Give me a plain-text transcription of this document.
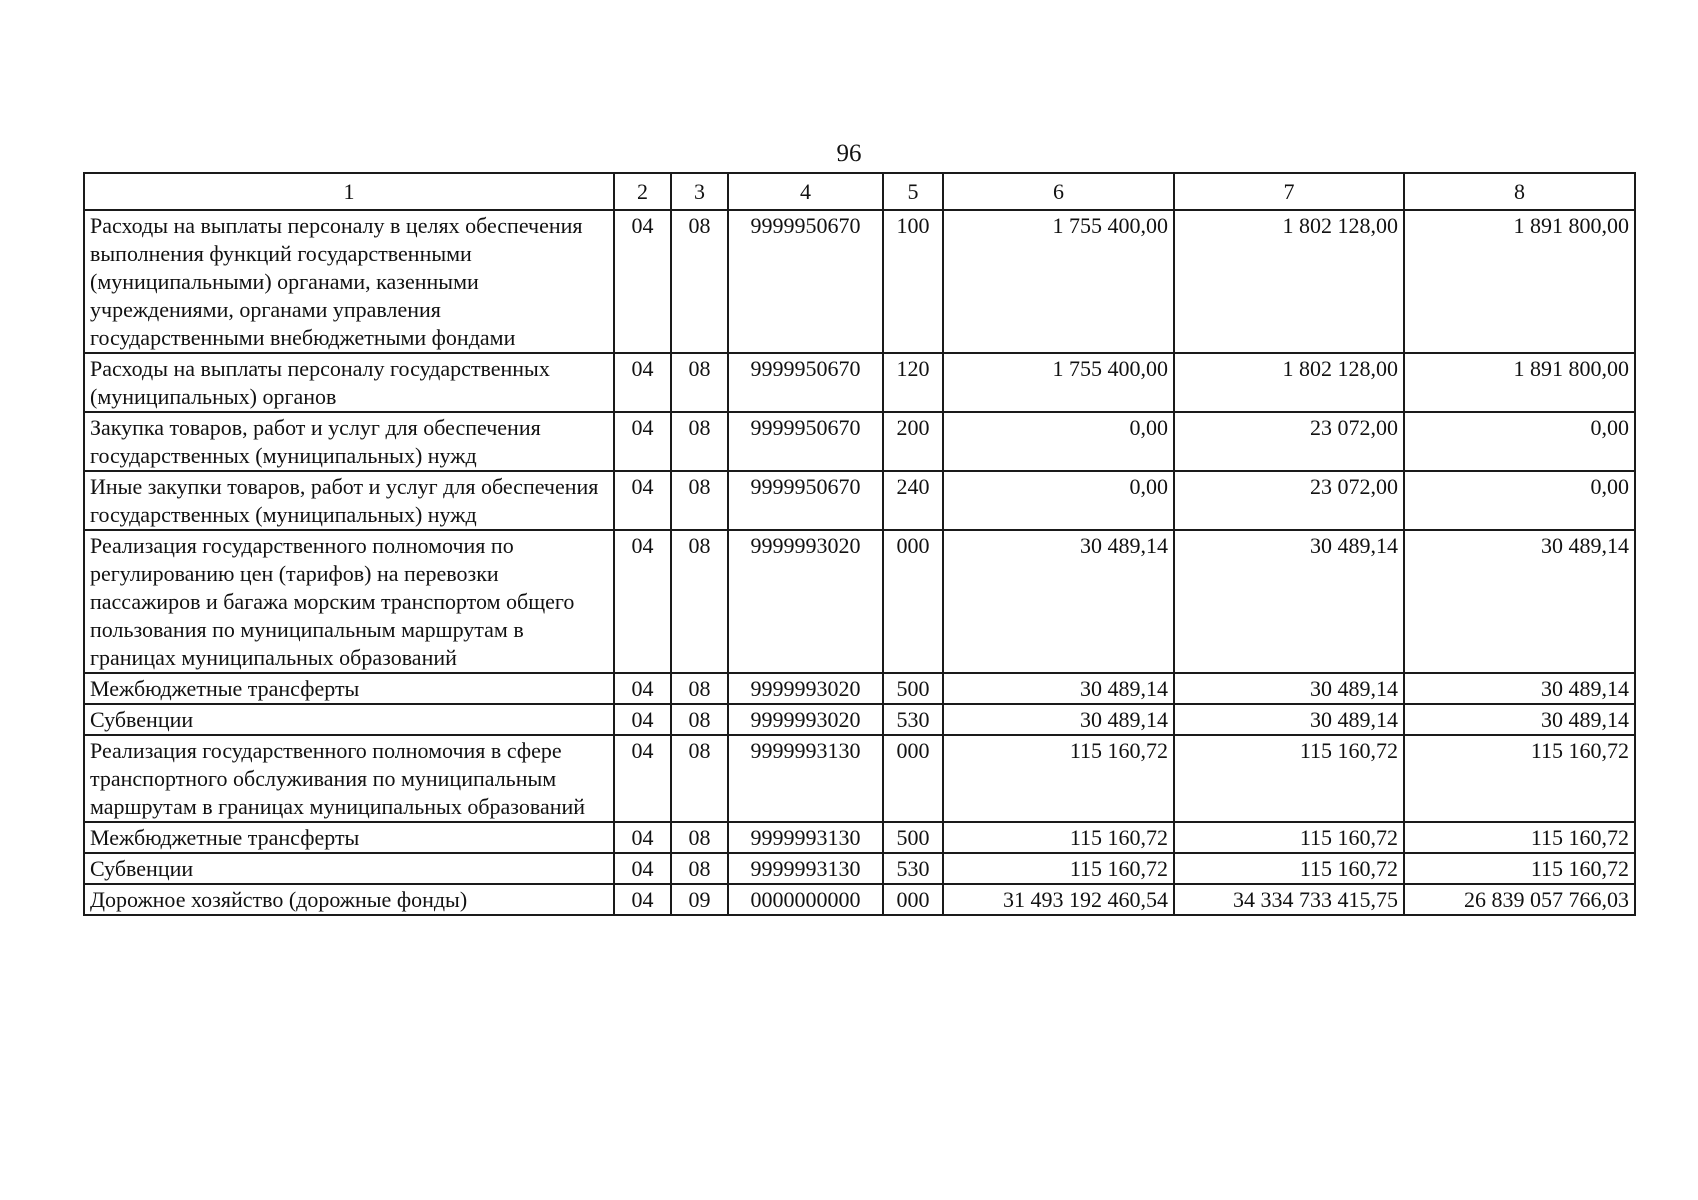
96
1	2	3	4	5	6	7	8
Расходы на выплаты персоналу в целях обеспечения выполнения функций государственными (муниципальными) органами, казенными учреждениями, органами управления государственными внебюджетными фондами	04	08	9999950670	100	1 755 400,00	1 802 128,00	1 891 800,00
Расходы на выплаты персоналу государственных (муниципальных) органов	04	08	9999950670	120	1 755 400,00	1 802 128,00	1 891 800,00
Закупка товаров, работ и услуг для обеспечения государственных (муниципальных) нужд	04	08	9999950670	200	0,00	23 072,00	0,00
Иные закупки товаров, работ и услуг для обеспечения государственных (муниципальных) нужд	04	08	9999950670	240	0,00	23 072,00	0,00
Реализация государственного полномочия по регулированию цен (тарифов) на перевозки пассажиров и багажа морским транспортом общего пользования по муниципальным маршрутам в границах муниципальных образований	04	08	9999993020	000	30 489,14	30 489,14	30 489,14
Межбюджетные трансферты	04	08	9999993020	500	30 489,14	30 489,14	30 489,14
Субвенции	04	08	9999993020	530	30 489,14	30 489,14	30 489,14
Реализация государственного полномочия в сфере транспортного обслуживания по муниципальным маршрутам в границах муниципальных образований	04	08	9999993130	000	115 160,72	115 160,72	115 160,72
Межбюджетные трансферты	04	08	9999993130	500	115 160,72	115 160,72	115 160,72
Субвенции	04	08	9999993130	530	115 160,72	115 160,72	115 160,72
Дорожное хозяйство (дорожные фонды)	04	09	0000000000	000	31 493 192 460,54	34 334 733 415,75	26 839 057 766,03
